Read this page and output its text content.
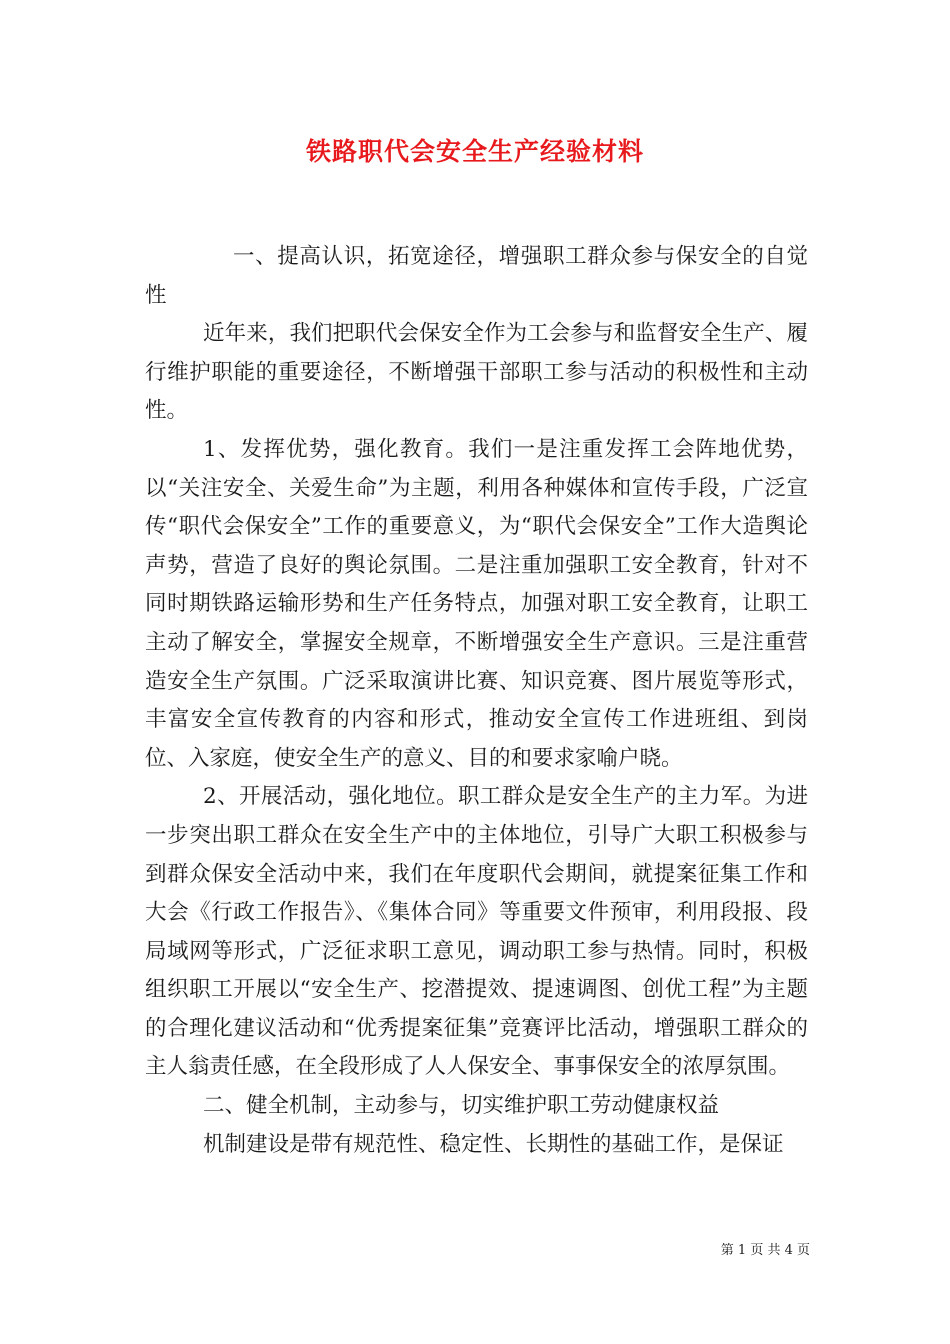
铁路职代会安全生产经验材料

一、提高认识，拓宽途径，增强职工群众参与保安全的自觉性

近年来，我们把职代会保安全作为工会参与和监督安全生产、履行维护职能的重要途径，不断增强干部职工参与活动的积极性和主动性。

1、发挥优势，强化教育。我们一是注重发挥工会阵地优势，以“关注安全、关爱生命”为主题，利用各种媒体和宣传手段，广泛宣传“职代会保安全”工作的重要意义，为“职代会保安全”工作大造舆论声势，营造了良好的舆论氛围。二是注重加强职工安全教育，针对不同时期铁路运输形势和生产任务特点，加强对职工安全教育，让职工主动了解安全，掌握安全规章，不断增强安全生产意识。三是注重营造安全生产氛围。广泛采取演讲比赛、知识竞赛、图片展览等形式，丰富安全宣传教育的内容和形式，推动安全宣传工作进班组、到岗位、入家庭，使安全生产的意义、目的和要求家喻户晓。

2、开展活动，强化地位。职工群众是安全生产的主力军。为进一步突出职工群众在安全生产中的主体地位，引导广大职工积极参与到群众保安全活动中来，我们在年度职代会期间，就提案征集工作和大会《行政工作报告》、《集体合同》等重要文件预审，利用段报、段局域网等形式，广泛征求职工意见，调动职工参与热情。同时，积极组织职工开展以“安全生产、挖潜提效、提速调图、创优工程”为主题的合理化建议活动和“优秀提案征集”竞赛评比活动，增强职工群众的主人翁责任感，在全段形成了人人保安全、事事保安全的浓厚氛围。

二、健全机制，主动参与，切实维护职工劳动健康权益

机制建设是带有规范性、稳定性、长期性的基础工作，是保证

第 1 页 共 4 页
